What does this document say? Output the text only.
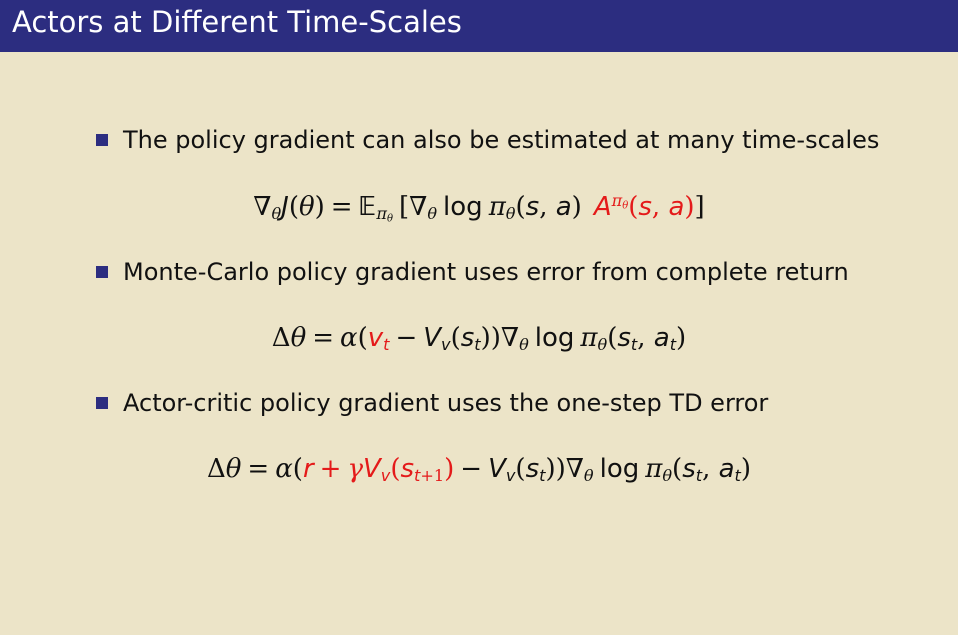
Actors at Different Time-Scales
The policy gradient can also be estimated at many time-scales
$\nabla_\theta J(\theta)$ = 𝔼$_{\pi_\theta}$ [$\nabla_\theta$ $\log \pi_\theta(s$, a) $A^{\pi_\theta}(s$, a)]
Monte-Carlo policy gradient uses error from complete return
$\Delta\theta = \alpha(v_t - V_v(s_t))\nabla_\theta$ $\log \pi_\theta(s_t$, $a_t$)
Actor-critic policy gradient uses the one-step TD error
$\Delta\theta = \alpha(r + \gamma V_v(s_{t+1}) - V_v(s_t))\nabla_\theta$ $\log \pi_\theta(s_t$, $a_t$)
